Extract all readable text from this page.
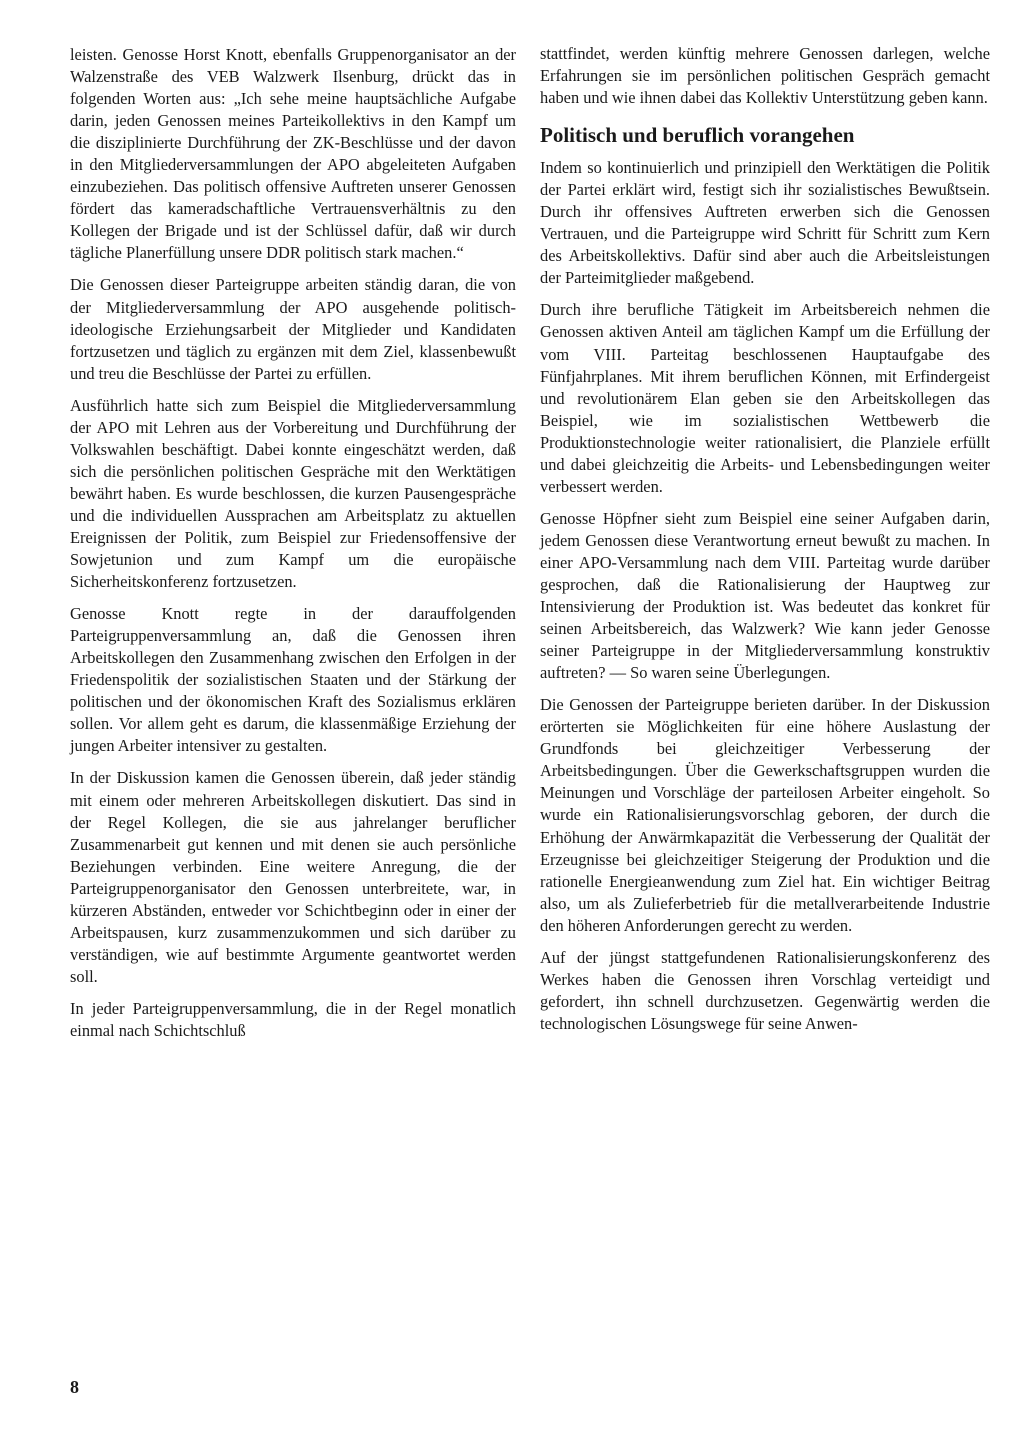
leisten. Genosse Horst Knott, ebenfalls Gruppenorganisator an der Walzenstraße des VEB Walzwerk Ilsenburg, drückt das in folgenden Worten aus: „Ich sehe meine hauptsächliche Aufgabe darin, jeden Genossen meines Parteikollektivs in den Kampf um die disziplinierte Durchführung der ZK-Beschlüsse und der davon in den Mitgliederversammlungen der APO abgeleiteten Aufgaben einzubeziehen. Das politisch offensive Auftreten unserer Genossen fördert das kameradschaftliche Vertrauensverhältnis zu den Kollegen der Brigade und ist der Schlüssel dafür, daß wir durch tägliche Planerfüllung unsere DDR politisch stark machen.“

Die Genossen dieser Parteigruppe arbeiten ständig daran, die von der Mitgliederversammlung der APO ausgehende politisch-ideologische Erziehungsarbeit der Mitglieder und Kandidaten fortzusetzen und täglich zu ergänzen mit dem Ziel, klassenbewußt und treu die Beschlüsse der Partei zu erfüllen.

Ausführlich hatte sich zum Beispiel die Mitgliederversammlung der APO mit Lehren aus der Vorbereitung und Durchführung der Volkswahlen beschäftigt. Dabei konnte eingeschätzt werden, daß sich die persönlichen politischen Gespräche mit den Werktätigen bewährt haben. Es wurde beschlossen, die kurzen Pausengespräche und die individuellen Aussprachen am Arbeitsplatz zu aktuellen Ereignissen der Politik, zum Beispiel zur Friedensoffensive der Sowjetunion und zum Kampf um die europäische Sicherheitskonferenz fortzusetzen.

Genosse Knott regte in der darauffolgenden Parteigruppenversammlung an, daß die Genossen ihren Arbeitskollegen den Zusammenhang zwischen den Erfolgen in der Friedenspolitik der sozialistischen Staaten und der Stärkung der politischen und der ökonomischen Kraft des Sozialismus erklären sollen. Vor allem geht es darum, die klassenmäßige Erziehung der jungen Arbeiter intensiver zu gestalten.

In der Diskussion kamen die Genossen überein, daß jeder ständig mit einem oder mehreren Arbeitskollegen diskutiert. Das sind in der Regel Kollegen, die sie aus jahrelanger beruflicher Zusammenarbeit gut kennen und mit denen sie auch persönliche Beziehungen verbinden. Eine weitere Anregung, die der Parteigruppenorganisator den Genossen unterbreitete, war, in kürzeren Abständen, entweder vor Schichtbeginn oder in einer der Arbeitspausen, kurz zusammenzukommen und sich darüber zu verständigen, wie auf bestimmte Argumente geantwortet werden soll.

In jeder Parteigruppenversammlung, die in der Regel monatlich einmal nach Schichtschluß

stattfindet, werden künftig mehrere Genossen darlegen, welche Erfahrungen sie im persönlichen politischen Gespräch gemacht haben und wie ihnen dabei das Kollektiv Unterstützung geben kann.

Politisch und beruflich vorangehen

Indem so kontinuierlich und prinzipiell den Werktätigen die Politik der Partei erklärt wird, festigt sich ihr sozialistisches Bewußtsein. Durch ihr offensives Auftreten erwerben sich die Genossen Vertrauen, und die Parteigruppe wird Schritt für Schritt zum Kern des Arbeitskollektivs. Dafür sind aber auch die Arbeitsleistungen der Parteimitglieder maßgebend.

Durch ihre berufliche Tätigkeit im Arbeitsbereich nehmen die Genossen aktiven Anteil am täglichen Kampf um die Erfüllung der vom VIII. Parteitag beschlossenen Hauptaufgabe des Fünfjahrplanes. Mit ihrem beruflichen Können, mit Erfindergeist und revolutionärem Elan geben sie den Arbeitskollegen das Beispiel, wie im sozialistischen Wettbewerb die Produktionstechnologie weiter rationalisiert, die Planziele erfüllt und dabei gleichzeitig die Arbeits- und Lebensbedingungen weiter verbessert werden.

Genosse Höpfner sieht zum Beispiel eine seiner Aufgaben darin, jedem Genossen diese Verantwortung erneut bewußt zu machen. In einer APO-Versammlung nach dem VIII. Parteitag wurde darüber gesprochen, daß die Rationalisierung der Hauptweg zur Intensivierung der Produktion ist. Was bedeutet das konkret für seinen Arbeitsbereich, das Walzwerk? Wie kann jeder Genosse seiner Parteigruppe in der Mitgliederversammlung konstruktiv auftreten? — So waren seine Überlegungen.

Die Genossen der Parteigruppe berieten darüber. In der Diskussion erörterten sie Möglichkeiten für eine höhere Auslastung der Grundfonds bei gleichzeitiger Verbesserung der Arbeitsbedingungen. Über die Gewerkschaftsgruppen wurden die Meinungen und Vorschläge der parteilosen Arbeiter eingeholt. So wurde ein Rationalisierungsvorschlag geboren, der durch die Erhöhung der Anwärmkapazität die Verbesserung der Qualität der Erzeugnisse bei gleichzeitiger Steigerung der Produktion und die rationelle Energieanwendung zum Ziel hat. Ein wichtiger Beitrag also, um als Zulieferbetrieb für die metallverarbeitende Industrie den höheren Anforderungen gerecht zu werden.

Auf der jüngst stattgefundenen Rationalisierungskonferenz des Werkes haben die Genossen ihren Vorschlag verteidigt und gefordert, ihn schnell durchzusetzen. Gegenwärtig werden die technologischen Lösungswege für seine Anwen-

8
